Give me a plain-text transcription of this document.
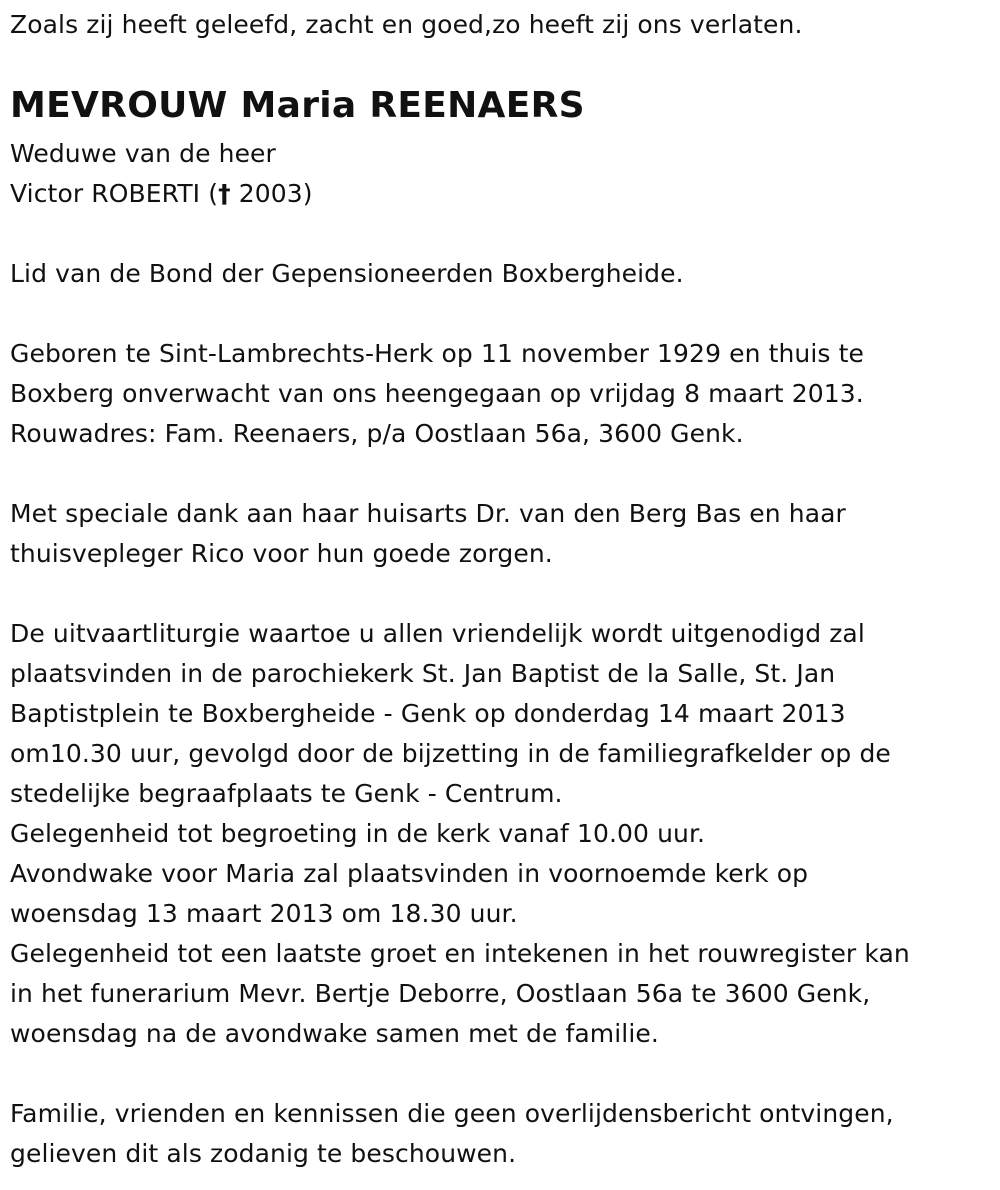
Zoals zij heeft geleefd, zacht en goed,zo heeft zij ons verlaten.
MEVROUW Maria REENAERS
Weduwe van de heer
Victor ROBERTI († 2003)
Lid van de Bond der Gepensioneerden Boxbergheide.
Geboren te Sint-Lambrechts-Herk op 11 november 1929 en thuis te
Boxberg onverwacht van ons heengegaan op vrijdag 8 maart 2013.
Rouwadres: Fam. Reenaers, p/a Oostlaan 56a, 3600 Genk.
Met speciale dank aan haar huisarts Dr. van den Berg Bas en haar
thuisvepleger Rico voor hun goede zorgen.
De uitvaartliturgie waartoe u allen vriendelijk wordt uitgenodigd zal
plaatsvinden in de parochiekerk St. Jan Baptist de la Salle, St. Jan
Baptistplein te Boxbergheide - Genk op donderdag 14 maart 2013
om10.30 uur, gevolgd door de bijzetting in de familiegrafkelder op de
stedelijke begraafplaats te Genk - Centrum.
Gelegenheid tot begroeting in de kerk vanaf 10.00 uur.
Avondwake voor Maria zal plaatsvinden in voornoemde kerk op
woensdag 13 maart 2013 om 18.30 uur.
Gelegenheid tot een laatste groet en intekenen in het rouwregister kan
in het funerarium Mevr. Bertje Deborre, Oostlaan 56a te 3600 Genk,
woensdag na de avondwake samen met de familie.
Familie, vrienden en kennissen die geen overlijdensbericht ontvingen,
gelieven dit als zodanig te beschouwen.
